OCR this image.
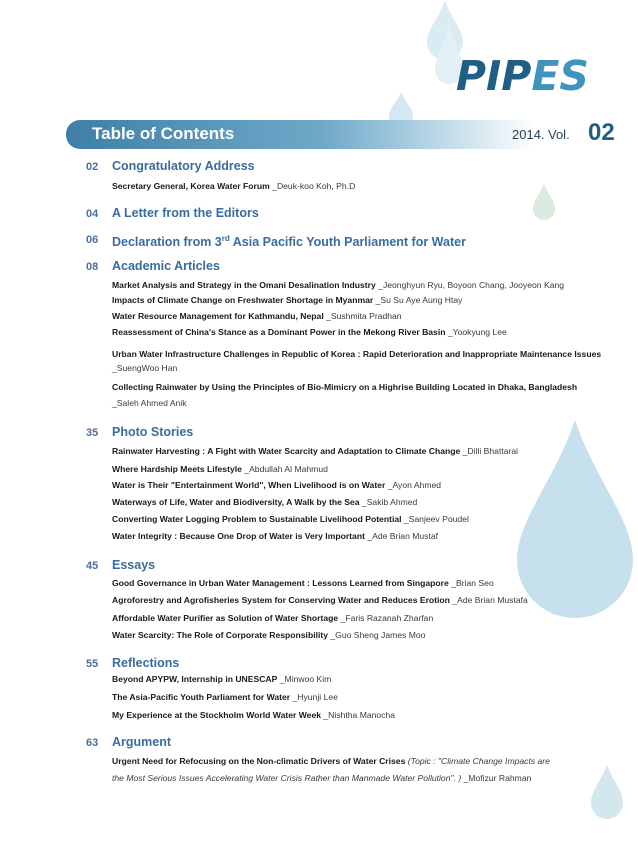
PIPES
Table of Contents	2014. Vol. 02
02	Congratulatory Address
Secretary General, Korea Water Forum _Deuk-koo Koh, Ph.D
04	A Letter from the Editors
06	Declaration from 3rd Asia Pacific Youth Parliament for Water
08	Academic Articles
Market Analysis and Strategy in the Omani Desalination Industry _Jeonghyun Ryu, Boyoon Chang, Jooyeon Kang
Impacts of Climate Change on Freshwater Shortage in Myanmar _Su Su Aye Aung Htay
Water Resource Management for Kathmandu, Nepal _Sushmita Pradhan
Reassessment of China's Stance as a Dominant Power in the Mekong River Basin _Yookyung Lee
Urban Water Infrastructure Challenges in Republic of Korea : Rapid Deterioration and Inappropriate Maintenance Issues
_SuengWoo Han
Collecting Rainwater by Using the Principles of Bio-Mimicry on a Highrise Building Located in Dhaka, Bangladesh
_Saleh Ahmed Anik
35	Photo Stories
Rainwater Harvesting : A Fight with Water Scarcity and Adaptation to Climate Change _Dilli Bhattarai
Where Hardship Meets Lifestyle _Abdullah Al Mahmud
Water is Their "Entertainment World", When Livelihood is on Water _Ayon Ahmed
Waterways of Life, Water and Biodiversity, A Walk by the Sea _Sakib Ahmed
Converting Water Logging Problem to Sustainable Livelihood Potential _Sanjeev Poudel
Water Integrity : Because One Drop of Water is Very Important _Ade Brian Mustaf
45	Essays
Good Governance in Urban Water Management : Lessons Learned from Singapore _Brian Seo
Agroforestry and Agrofisheries System for Conserving Water and Reduces Erotion _Ade Brian Mustafa
Affordable Water Purifier as Solution of Water Shortage _Faris Razanah Zharfan
Water Scarcity: The Role of Corporate Responsibility _Guo Sheng James Moo
55	Reflections
Beyond APYPW, Internship in UNESCAP _Minwoo Kim
The Asia-Pacific Youth Parliament for Water _Hyunji Lee
My Experience at the Stockholm World Water Week _Nishtha Manocha
63	Argument
Urgent Need for Refocusing on the Non-climatic Drivers of Water Crises (Topic : "Climate Change Impacts are
the Most Serious Issues Accelerating Water Crisis Rather than Manmade Water Pollution". ) _Mofizur Rahman
